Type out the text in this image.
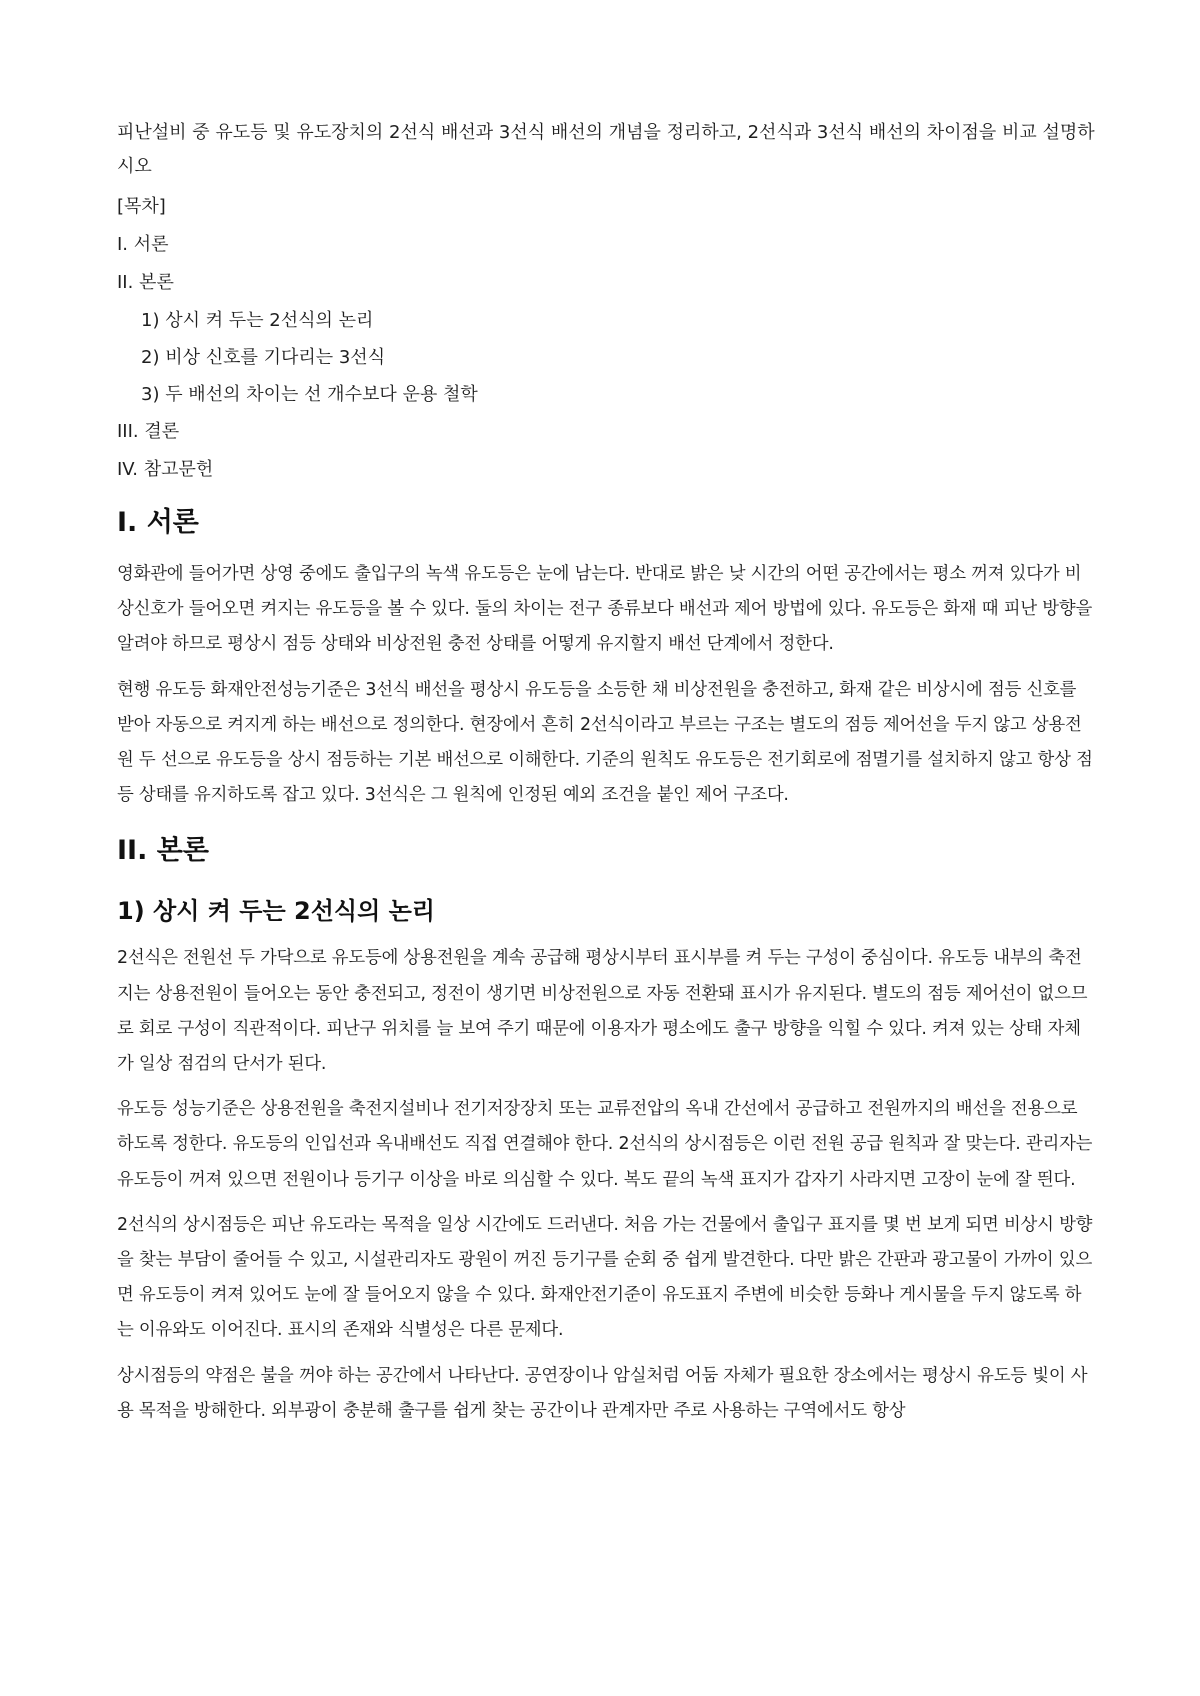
피난설비 중 유도등 및 유도장치의 2선식 배선과 3선식 배선의 개념을 정리하고, 2선식과 3선식 배선의 차이점을 비교 설명하시오

[목차]
I. 서론
II. 본론
1) 상시 켜 두는 2선식의 논리
2) 비상 신호를 기다리는 3선식
3) 두 배선의 차이는 선 개수보다 운용 철학
III. 결론
IV. 참고문헌
I. 서론

영화관에 들어가면 상영 중에도 출입구의 녹색 유도등은 눈에 남는다. 반대로 밝은 낮 시간의 어떤 공간에서는 평소 꺼져 있다가 비상신호가 들어오면 켜지는 유도등을 볼 수 있다. 둘의 차이는 전구 종류보다 배선과 제어 방법에 있다. 유도등은 화재 때 피난 방향을 알려야 하므로 평상시 점등 상태와 비상전원 충전 상태를 어떻게 유지할지 배선 단계에서 정한다.

현행 유도등 화재안전성능기준은 3선식 배선을 평상시 유도등을 소등한 채 비상전원을 충전하고, 화재 같은 비상시에 점등 신호를 받아 자동으로 켜지게 하는 배선으로 정의한다. 현장에서 흔히 2선식이라고 부르는 구조는 별도의 점등 제어선을 두지 않고 상용전원 두 선으로 유도등을 상시 점등하는 기본 배선으로 이해한다. 기준의 원칙도 유도등은 전기회로에 점멸기를 설치하지 않고 항상 점등 상태를 유지하도록 잡고 있다. 3선식은 그 원칙에 인정된 예외 조건을 붙인 제어 구조다.

II. 본론
1) 상시 켜 두는 2선식의 논리

2선식은 전원선 두 가닥으로 유도등에 상용전원을 계속 공급해 평상시부터 표시부를 켜 두는 구성이 중심이다. 유도등 내부의 축전지는 상용전원이 들어오는 동안 충전되고, 정전이 생기면 비상전원으로 자동 전환돼 표시가 유지된다. 별도의 점등 제어선이 없으므로 회로 구성이 직관적이다. 피난구 위치를 늘 보여 주기 때문에 이용자가 평소에도 출구 방향을 익힐 수 있다. 켜져 있는 상태 자체가 일상 점검의 단서가 된다.

유도등 성능기준은 상용전원을 축전지설비나 전기저장장치 또는 교류전압의 옥내 간선에서 공급하고 전원까지의 배선을 전용으로 하도록 정한다. 유도등의 인입선과 옥내배선도 직접 연결해야 한다. 2선식의 상시점등은 이런 전원 공급 원칙과 잘 맞는다. 관리자는 유도등이 꺼져 있으면 전원이나 등기구 이상을 바로 의심할 수 있다. 복도 끝의 녹색 표지가 갑자기 사라지면 고장이 눈에 잘 띈다.

2선식의 상시점등은 피난 유도라는 목적을 일상 시간에도 드러낸다. 처음 가는 건물에서 출입구 표지를 몇 번 보게 되면 비상시 방향을 찾는 부담이 줄어들 수 있고, 시설관리자도 광원이 꺼진 등기구를 순회 중 쉽게 발견한다. 다만 밝은 간판과 광고물이 가까이 있으면 유도등이 켜져 있어도 눈에 잘 들어오지 않을 수 있다. 화재안전기준이 유도표지 주변에 비슷한 등화나 게시물을 두지 않도록 하는 이유와도 이어진다. 표시의 존재와 식별성은 다른 문제다.

상시점등의 약점은 불을 꺼야 하는 공간에서 나타난다. 공연장이나 암실처럼 어둠 자체가 필요한 장소에서는 평상시 유도등 빛이 사용 목적을 방해한다. 외부광이 충분해 출구를 쉽게 찾는 공간이나 관계자만 주로 사용하는 구역에서도 항상
